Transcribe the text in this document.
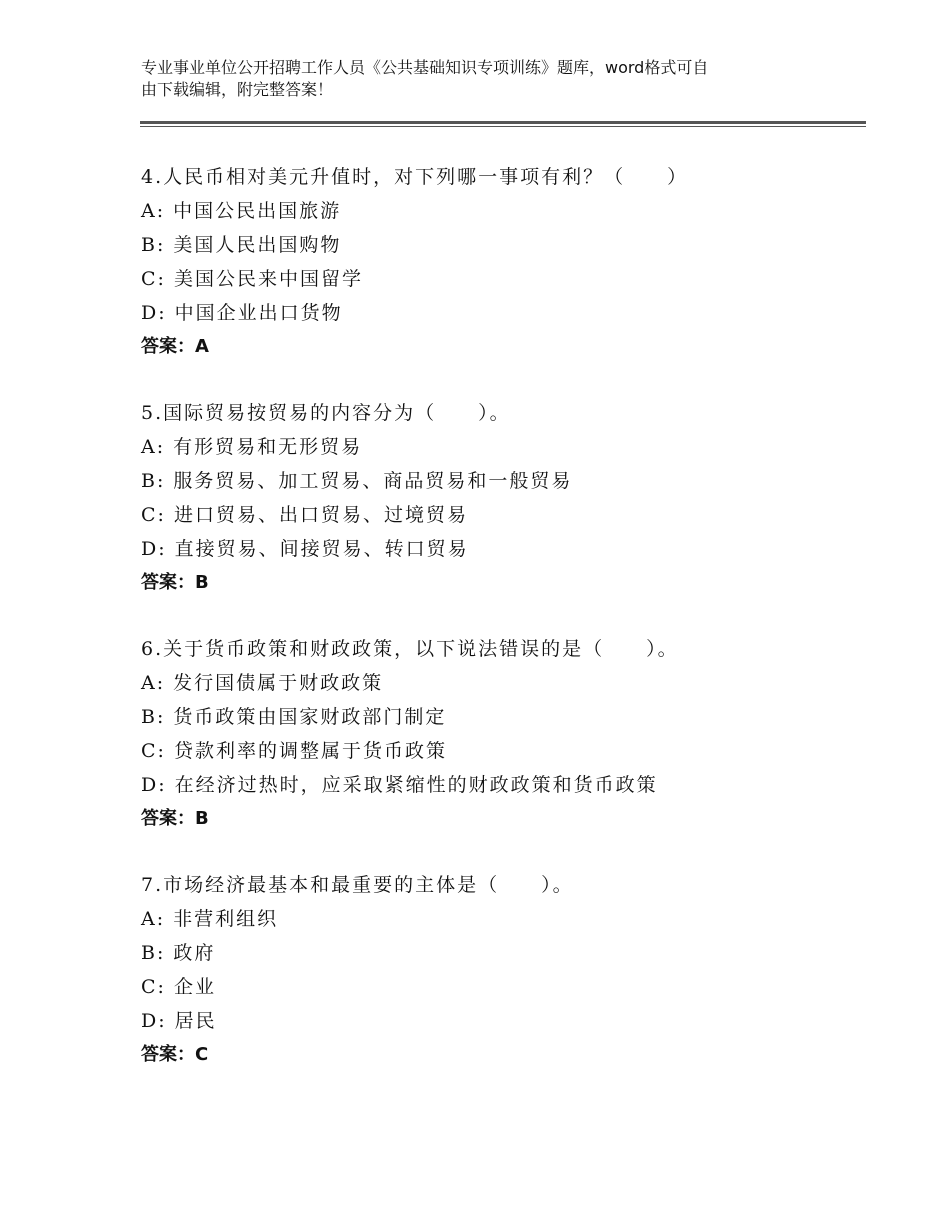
专业事业单位公开招聘工作人员《公共基础知识专项训练》题库，word格式可自
由下载编辑，附完整答案！
4.人民币相对美元升值时，对下列哪一事项有利？（　　）
A: 中国公民出国旅游
B: 美国人民出国购物
C: 美国公民来中国留学
D: 中国企业出口货物
答案：A
5.国际贸易按贸易的内容分为（　　）。
A: 有形贸易和无形贸易
B: 服务贸易、加工贸易、商品贸易和一般贸易
C: 进口贸易、出口贸易、过境贸易
D: 直接贸易、间接贸易、转口贸易
答案：B
6.关于货币政策和财政政策，以下说法错误的是（　　）。
A: 发行国债属于财政政策
B: 货币政策由国家财政部门制定
C: 贷款利率的调整属于货币政策
D: 在经济过热时，应采取紧缩性的财政政策和货币政策
答案：B
7.市场经济最基本和最重要的主体是（　　）。
A: 非营利组织
B: 政府
C: 企业
D: 居民
答案：C
